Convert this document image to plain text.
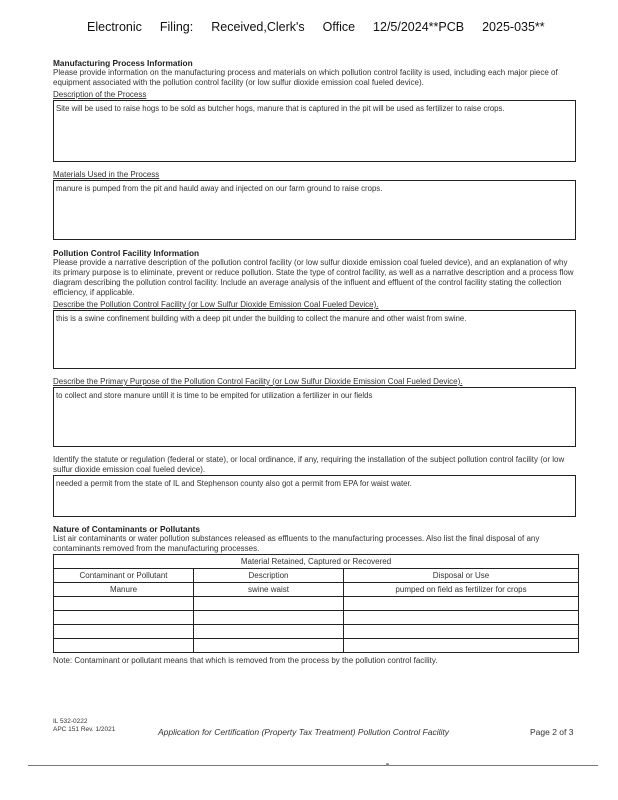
Electronic Filing: Received,Clerk's Office 12/5/2024**PCB 2025-035**

Manufacturing Process Information

Please provide information on the manufacturing process and materials on which pollution control facility is used, including each major piece of equipment associated with the pollution control facility (or low sulfur dioxide emission coal fueled device).

Description of the Process

Site will be used to raise hogs to be sold as butcher hogs, manure that is captured in the pit will be used as fertilizer to raise crops.

Materials Used in the Process

manure is pumped from the pit and hauld away and injected on our farm ground to raise crops.

Pollution Control Facility Information

Please provide a narrative description of the pollution control facility (or low sulfur dioxide emission coal fueled device), and an explanation of why its primary purpose is to eliminate, prevent or reduce pollution. State the type of control facility, as well as a narrative description and a process flow diagram describing the pollution control facility. Include an average analysis of the influent and effluent of the control facility stating the collection efficiency, if applicable.

Describe the Pollution Control Facility (or Low Sulfur Dioxide Emission Coal Fueled Device).

this is a swine confinement building with a deep pit under the building to collect the manure and other waist from swine.

Describe the Primary Purpose of the Pollution Control Facility (or Low Sulfur Dioxide Emission Coal Fueled Device).

to collect and store manure untill it is time to be empited for utilization a fertilizer in our fields

Identify the statute or regulation (federal or state), or local ordinance, if any, requiring the installation of the subject pollution control facility (or low sulfur dioxide emission coal fueled device).

needed a permit from the state of IL and Stephenson county also got a permit from EPA for waist water.

Nature of Contaminants or Pollutants

List air contaminants or water pollution substances released as effluents to the manufacturing processes. Also list the final disposal of any contaminants removed from the manufacturing processes.

Material Retained, Captured or Recovered		
Contaminant or Pollutant	Description	Disposal or Use
Manure	swine waist	pumped on field as fertilizer for crops

Note: Contaminant or pollutant means that which is removed from the process by the pollution control facility.

IL 532-0222
APC 151 Rev. 1/2021	Application for Certification (Property Tax Treatment) Pollution Control Facility	Page 2 of 3
